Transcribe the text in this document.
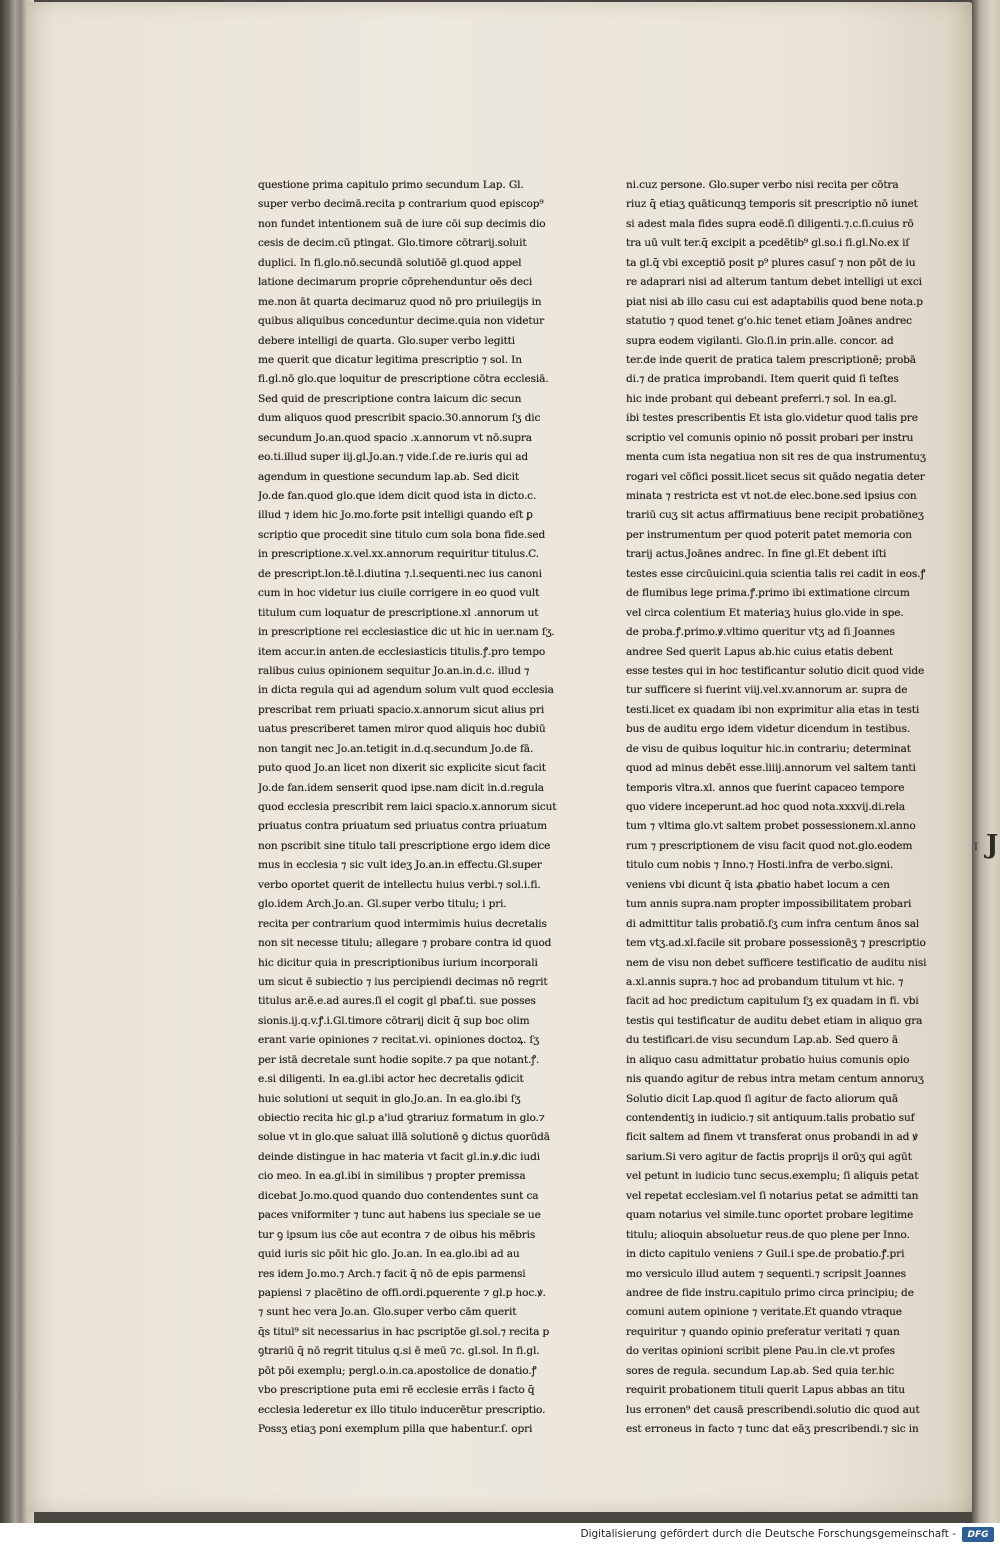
questione prima capitulo primo secundum Lap. Gl.
super verbo decimā.recita p contrarium quod episcop⁹
non fundet intentionem suā de iure cōi sup decimis dio
cesis de decim.cū ptingat. Glo.timore cōtrarij.soluit
duplici. In fi.glo.nō.secundā solutiōē gl.quod appel
latione decimarum proprie cōprehenduntur oēs deci
me.non āt quarta decimaruz quod nō pro priuilegijs in
quibus aliquibus conceduntur decime.quia non videtur
debere intelligi de quarta. Glo.super verbo legitti
me querit que dicatur legitima prescriptio ⁊ sol. In
fi.gl.nō glo.que loquitur de prescriptione cōtra ecclesiā.
Sed quid de prescriptione contra laicum dic secun
dum aliquos quod prescribit spacio.30.annorum ſʒ dic
secundum Jo.an.quod spacio .x.annorum vt nō.supra
eo.ti.illud super iij.gl.Jo.an.⁊ vide.ſ.de re.iuris qui ad
agendum in questione secundum lap.ab. Sed dicit
Jo.de fan.quod glo.que idem dicit quod ista in dicto.c.
illud ⁊ idem hic Jo.mo.forte psit intelligi quando eſt ꝑ
scriptio que procedit sine titulo cum sola bona fide.sed
in prescriptione.x.vel.xx.annorum requiritur titulus.C.
de prescript.lon.tē.l.diutina ⁊.l.sequenti.nec ius canoni
cum in hoc videtur ius ciuile corrigere in eo quod vult
titulum cum loquatur de prescriptione.xl .annorum ut
in prescriptione rei ecclesiastice dic ut hic in uer.nam ſʒ.
item accur.in anten.de ecclesiasticis titulis.ꝭ.pro tempo
ralibus cuius opinionem sequitur Jo.an.in.d.c. illud ⁊
in dicta regula qui ad agendum solum vult quod ecclesia
prescribat rem priuati spacio.x.annorum sicut alius pri
uatus prescriberet tamen miror quod aliquis hoc dubiū
non tangit nec Jo.an.tetigit in.d.q.secundum Jo.de fā.
puto quod Jo.an licet non dixerit sic explicite sicut facit
Jo.de fan.idem senserit quod ipse.nam dicit in.d.regula
quod ecclesia prescribit rem laici spacio.x.annorum sicut
priuatus contra priuatum sed priuatus contra priuatum
non pscribit sine titulo tali prescriptione ergo idem dice
mus in ecclesia ⁊ sic vult ideʒ Jo.an.in effectu.Gl.super
verbo oportet querit de intellectu huius verbi.⁊ sol.i.fi.
glo.idem Arch.Jo.an. Gl.super verbo titulu; i pri.
recita per contrarium quod intermimis huius decretalis
non sit necesse titulu; allegare ⁊ probare contra id quod
hic dicitur quia in prescriptionibus iurium incorporali
um sicut ē subiectio ⁊ ius percipiendi decimas nō regrit
titulus ar.ē.e.ad aures.ſi el cogit gl pbaf.ti. sue posses
sionis.ij.q.v.ꝭ.i.Gl.timore cōtrarij dicit q̄ sup boc olim
erant varie opiniones ⁊ recitat.vi. opiniones doctoꝝ. ſʒ
per istā decretale sunt hodie sopite.⁊ pa que notant.ꝭ.
e.si diligenti. In ea.gl.ibi actor hec decretalis ꝯdicit
huic solutioni ut sequit in glo.Jo.an. In ea.glo.ibi ſʒ
obiectio recita hic gl.p a'iud ꝯtrariuz formatum in glo.⁊
solue vt in glo.que saluat illā solutionē ꝯ dictus quorūdā
deinde distingue in hac materia vt facit gl.in.ꝟ.dic iudi
cio meo. In ea.gl.ibi in similibus ⁊ propter premissa
dicebat Jo.mo.quod quando duo contendentes sunt ca
paces vniformiter ⁊ tunc aut habens ius speciale se ue
tur ꝯ ipsum ius cōe aut econtra ⁊ de oibus his mēbris
quid iuris sic pōit hic glo. Jo.an. In ea.glo.ibi ad au
res idem Jo.mo.⁊ Arch.⁊ facit q̄ nō de epis parmensi
papiensi ⁊ placētino de offi.ordi.pquerente ⁊ gl.p hoc.ꝟ.
⁊ sunt hec vera Jo.an. Glo.super verbo cām querit
q̄s titul⁹ sit necessarius in hac pscriptōe gl.sol.⁊ recita p
ꝯtrariū q̄ nō regrit titulus q.si ē meū ⁊c. gl.sol. In fi.gl.
pōt pōi exemplu; pergl.o.in.ca.apostolice de donatio.ꝭ
vbo prescriptione puta emi rē ecclesie errās i facto q̄
ecclesia lederetur ex illo titulo inducerētur prescriptio.
Possʒ etiaʒ poni exemplum pilla que habentur.ſ. opri
ni.cuz persone. Glo.super verbo nisi recita per cōtra
riuz q̄ etiaʒ quāticunqꝫ temporis sit prescriptio nō iunet
si adest mala fides supra eodē.ſi diligenti.⁊.c.ſi.cuius rō
tra uū vult ter.q̄ excipit a pcedētib⁹ gl.so.i fi.gl.No.ex iſ
ta gl.q̄ vbi exceptiō posit p⁹ plures casuſ ⁊ non pōt de iu
re adaprari nisi ad alterum tantum debet intelligi ut exci
piat nisi ab illo casu cui est adaptabilis quod bene nota.p
statutio ⁊ quod tenet g'o.hic tenet etiam Joānes andrec
supra eodem vigilanti. Glo.ſi.in prin.alle. concor. ad
ter.de inde querit de pratica talem prescriptionē; probā
di.⁊ de pratica improbandi. Item querit quid ſi teſtes
hic inde probant qui debeant preferri.⁊ sol. In ea.gl.
ibi testes prescribentis Et ista glo.videtur quod talis pre
scriptio vel comunis opinio nō possit probari per instru
menta cum ista negatiua non sit res de qua instrumentuʒ
rogari vel cōfici possit.licet secus sit quādo negatia deter
minata ⁊ restricta est vt not.de elec.bone.sed ipsius con
trariū cuʒ sit actus affirmatiuus bene recipit probatiōneʒ
per instrumentum per quod poterit patet memoria con
trarij actus.Joānes andrec. In fine gl.Et debent iſti
testes esse circūuicini.quia scientia talis rei cadit in eos.ꝭ
de flumibus lege prima.ꝭ.primo ibi extimatione circum
vel circa colentium Et materiaʒ huius glo.vide in spe.
de proba.ꝭ.primo.ꝟ.vltimo queritur vtʒ ad ſi Joannes
andree Sed querit Lapus ab.hic cuius etatis debent
esse testes qui in hoc testificantur solutio dicit quod vide
tur sufficere si fuerint viij.vel.xv.annorum ar. supra de
testi.licet ex quadam ibi non exprimitur alia etas in testi
bus de auditu ergo idem videtur dicendum in testibus.
de visu de quibus loquitur hic.in contrariu; determinat
quod ad minus debēt esse.liiij.annorum vel saltem tanti
temporis vltra.xl. annos que fuerint capaceo tempore
quo videre inceperunt.ad hoc quod nota.xxxvij.di.rela
tum ⁊ vltima glo.vt saltem probet possessionem.xl.anno
rum ⁊ prescriptionem de visu facit quod not.glo.eodem
titulo cum nobis ⁊ Inno.⁊ Hosti.infra de verbo.signi.
veniens vbi dicunt q̄ ista ꝓbatio habet locum a cen
tum annis supra.nam propter impossibilitatem probari
di admittitur talis probatiō.ſʒ cum infra centum ānos sal
tem vtʒ.ad.xl.facile sit probare possessionēʒ ⁊ prescriptio
nem de visu non debet sufficere testificatio de auditu nisi
a.xl.annis supra.⁊ hoc ad probandum titulum vt hic. ⁊
facit ad hoc predictum capitulum ſʒ ex quadam in fi. vbi
testis qui testificatur de auditu debet etiam in aliquo gra
du testificari.de visu secundum Lap.ab. Sed quero ā
in aliquo casu admittatur probatio huius comunis opio
nis quando agitur de rebus intra metam centum annoruʒ
Solutio dicit Lap.quod ſi agitur de facto aliorum quā
contendentiʒ in iudicio.⁊ sit antiquum.talis probatio suf
ficit saltem ad finem vt transferat onus probandi in ad ꝟ
sarium.Si vero agitur de factis proprijs il orūʒ qui agūt
vel petunt in iudicio tunc secus.exemplu; ſi aliquis petat
vel repetat ecclesiam.vel ſi notarius petat se admitti tan
quam notarius vel simile.tunc oportet probare legitime
titulu; alioquin absoluetur reus.de quo plene per Inno.
in dicto capitulo veniens ⁊ Guil.i spe.de probatio.ꝭ.pri
mo versiculo illud autem ⁊ sequenti.⁊ scripsit Joannes
andree de fide instru.capitulo primo circa principiu; de
comuni autem opinione ⁊ veritate.Et quando vtraque
requiritur ⁊ quando opinio preferatur veritati ⁊ quan
do veritas opinioni scribit plene Pau.in cle.vt profes
sores de regula. secundum Lap.ab. Sed quia ter.hic
requirit probationem tituli querit Lapus abbas an titu
lus erronen⁹ det causā prescribendi.solutio dic quod aut
est erroneus in facto ⁊ tunc dat eāʒ prescribendi.⁊ sic in
I J
Digitalisierung gefördert durch die Deutsche Forschungsgemeinschaft - DFG
